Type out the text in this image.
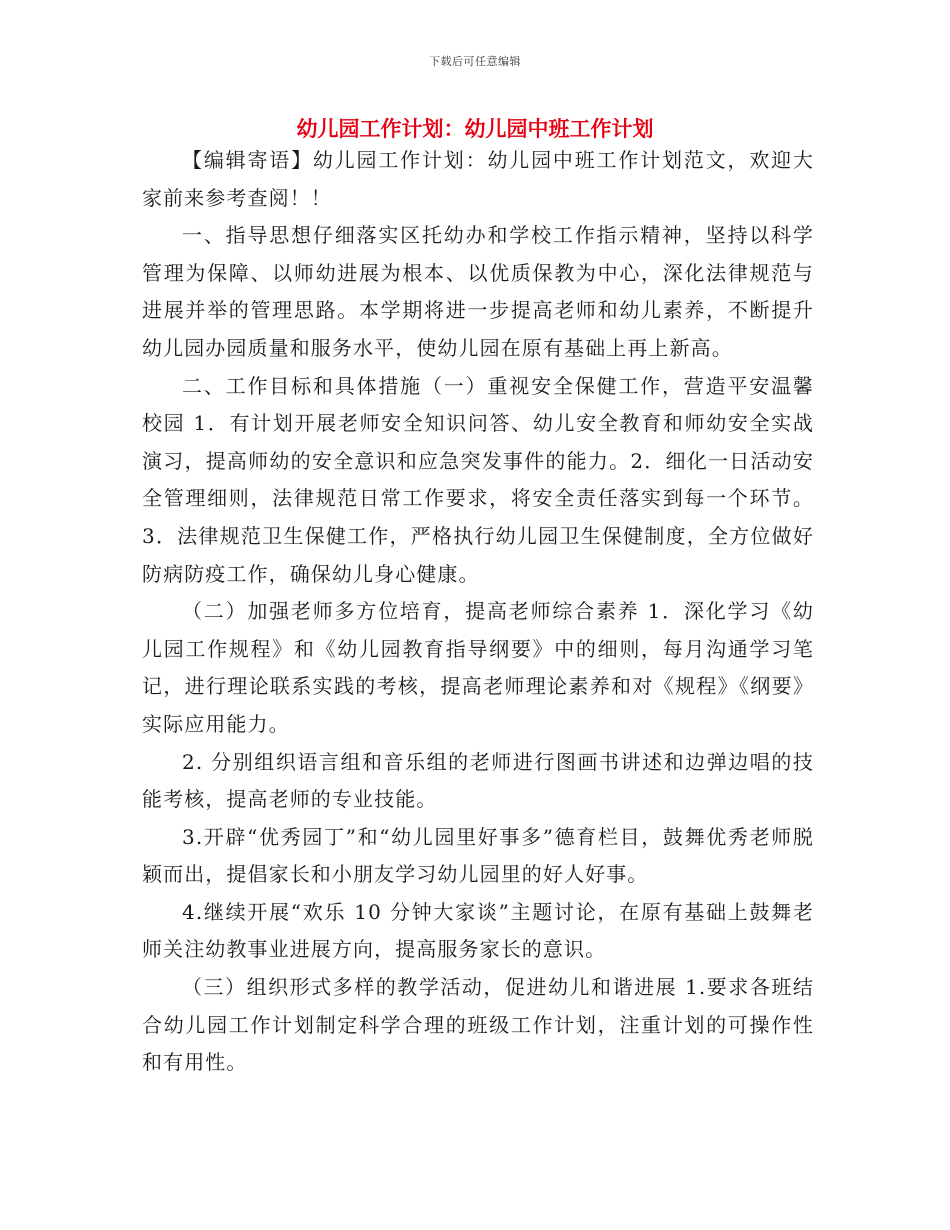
下载后可任意编辑
幼儿园工作计划：幼儿园中班工作计划

【编辑寄语】幼儿园工作计划：幼儿园中班工作计划范文，欢迎大家前来参考查阅！！

一、指导思想仔细落实区托幼办和学校工作指示精神，坚持以科学管理为保障、以师幼进展为根本、以优质保教为中心，深化法律规范与进展并举的管理思路。本学期将进一步提高老师和幼儿素养，不断提升幼儿园办园质量和服务水平，使幼儿园在原有基础上再上新高。

二、工作目标和具体措施（一）重视安全保健工作，营造平安温馨校园 1．有计划开展老师安全知识问答、幼儿安全教育和师幼安全实战演习，提高师幼的安全意识和应急突发事件的能力。2．细化一日活动安全管理细则，法律规范日常工作要求，将安全责任落实到每一个环节。3．法律规范卫生保健工作，严格执行幼儿园卫生保健制度，全方位做好防病防疫工作，确保幼儿身心健康。

（二）加强老师多方位培育，提高老师综合素养 1．深化学习《幼儿园工作规程》和《幼儿园教育指导纲要》中的细则，每月沟通学习笔记，进行理论联系实践的考核，提高老师理论素养和对《规程》《纲要》实际应用能力。

2. 分别组织语言组和音乐组的老师进行图画书讲述和边弹边唱的技能考核，提高老师的专业技能。

3.开辟“优秀园丁”和“幼儿园里好事多”德育栏目，鼓舞优秀老师脱颖而出，提倡家长和小朋友学习幼儿园里的好人好事。

4.继续开展“欢乐 10 分钟大家谈”主题讨论，在原有基础上鼓舞老师关注幼教事业进展方向，提高服务家长的意识。

（三）组织形式多样的教学活动，促进幼儿和谐进展 1.要求各班结合幼儿园工作计划制定科学合理的班级工作计划，注重计划的可操作性和有用性。
